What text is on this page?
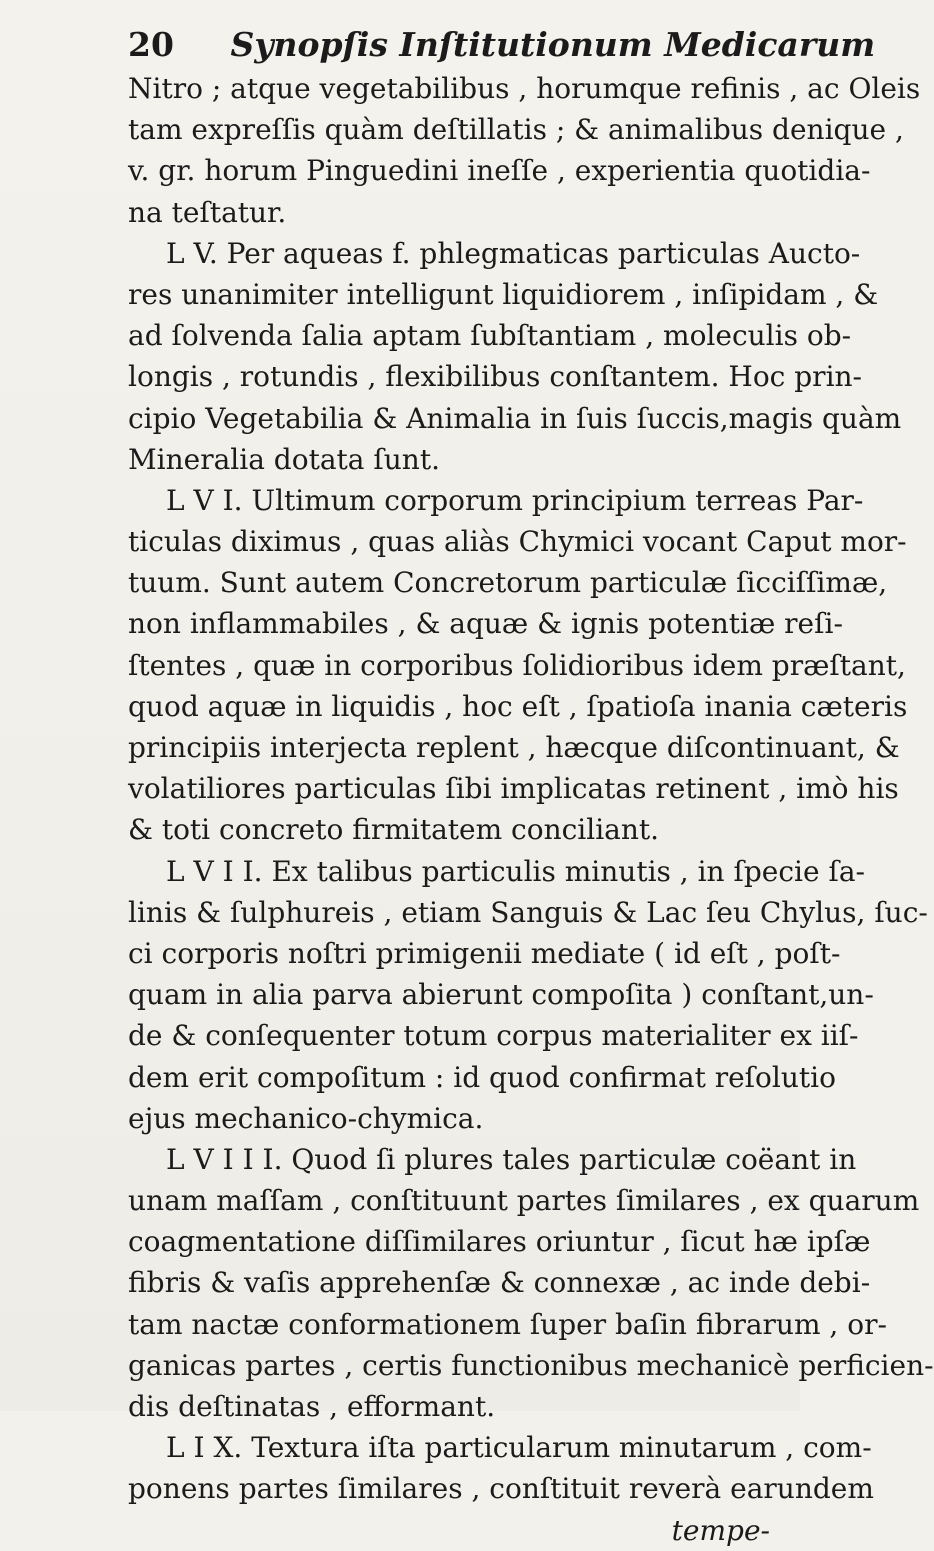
20 Synopſis Inſtitutionum Medicarum
Nitro ; atque vegetabilibus , horumque refinis , ac Oleis
tam expreſſis quàm deſtillatis ; & animalibus denique ,
v. gr. horum Pinguedini ineſſe , experientia quotidia-
na teſtatur.
L V. Per aqueas f. phlegmaticas particulas Aucto-
res unanimiter intelligunt liquidiorem , inſipidam , &
ad ſolvenda ſalia aptam ſubſtantiam , moleculis ob-
longis , rotundis , flexibilibus conſtantem. Hoc prin-
cipio Vegetabilia & Animalia in ſuis ſuccis,magis quàm
Mineralia dotata ſunt.
L V I. Ultimum corporum principium terreas Par-
ticulas diximus , quas aliàs Chymici vocant Caput mor-
tuum. Sunt autem Concretorum particulæ ſicciſſimæ,
non inflammabiles , & aquæ & ignis potentiæ reſi-
ſtentes , quæ in corporibus ſolidioribus idem præſtant,
quod aquæ in liquidis , hoc eſt , ſpatioſa inania cæteris
principiis interjecta replent , hæcque diſcontinuant, &
volatiliores particulas ſibi implicatas retinent , imò his
& toti concreto firmitatem conciliant.
L V I I. Ex talibus particulis minutis , in ſpecie ſa-
linis & ſulphureis , etiam Sanguis & Lac ſeu Chylus, ſuc-
ci corporis noſtri primigenii mediate ( id eſt , poſt-
quam in alia parva abierunt compoſita ) conſtant,un-
de & conſequenter totum corpus materialiter ex iiſ-
dem erit compoſitum : id quod confirmat reſolutio
ejus mechanico-chymica.
L V I I I. Quod ſi plures tales particulæ coëant in
unam maſſam , conſtituunt partes ſimilares , ex quarum
coagmentatione diſſimilares oriuntur , ſicut hæ ipſæ
fibris & vaſis apprehenſæ & connexæ , ac inde debi-
tam nactæ conformationem ſuper baſin fibrarum , or-
ganicas partes , certis functionibus mechanicè perficien-
dis deſtinatas , efformant.
L I X. Textura iſta particularum minutarum , com-
ponens partes ſimilares , conſtituit reverà earundem
tempe-
